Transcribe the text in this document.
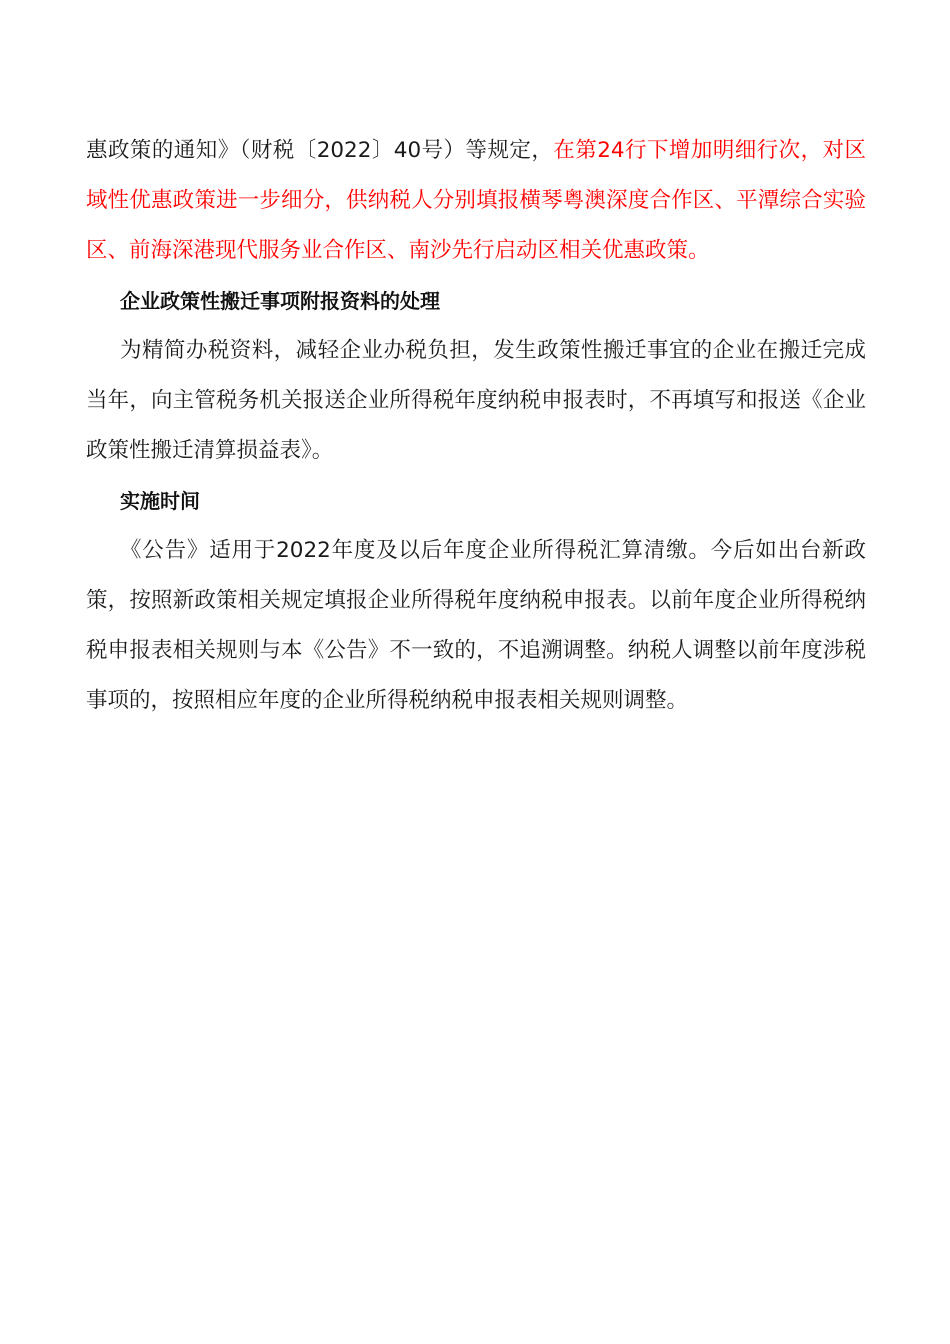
惠政策的通知》（财税〔2022〕40号）等规定，在第24行下增加明细行次，对区域性优惠政策进一步细分，供纳税人分别填报横琴粤澳深度合作区、平潭综合实验区、前海深港现代服务业合作区、南沙先行启动区相关优惠政策。

企业政策性搬迁事项附报资料的处理

为精简办税资料，减轻企业办税负担，发生政策性搬迁事宜的企业在搬迁完成当年，向主管税务机关报送企业所得税年度纳税申报表时，不再填写和报送《企业政策性搬迁清算损益表》。

实施时间

《公告》适用于2022年度及以后年度企业所得税汇算清缴。今后如出台新政策，按照新政策相关规定填报企业所得税年度纳税申报表。以前年度企业所得税纳税申报表相关规则与本《公告》不一致的，不追溯调整。纳税人调整以前年度涉税事项的，按照相应年度的企业所得税纳税申报表相关规则调整。
